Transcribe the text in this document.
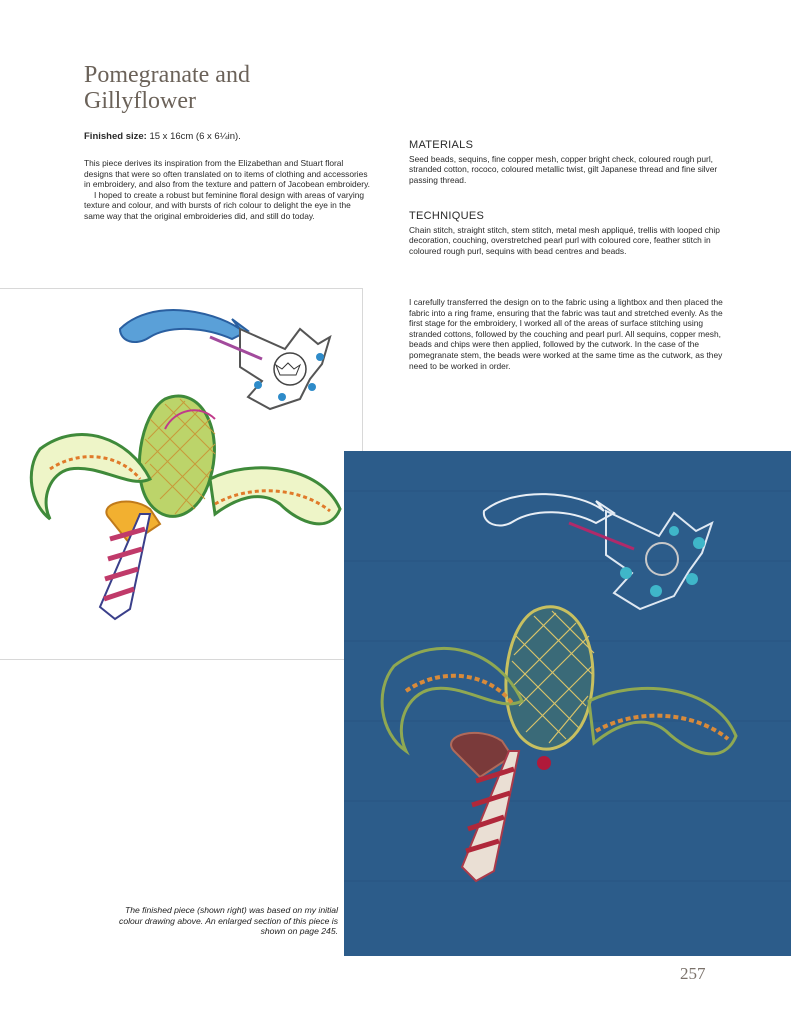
Pomegranate and
Gillyflower
Finished size: 15 x 16cm (6 x 6¼in).

This piece derives its inspiration from the Elizabethan and Stuart floral designs that were so often translated on to items of clothing and accessories in embroidery, and also from the texture and pattern of Jacobean embroidery.

I hoped to create a robust but feminine floral design with areas of varying texture and colour, and with bursts of rich colour to delight the eye in the same way that the original embroideries did, and still do today.

MATERIALS

Seed beads, sequins, fine copper mesh, copper bright check, coloured rough purl, stranded cotton, rococo, coloured metallic twist, gilt Japanese thread and fine silver passing thread.

TECHNIQUES

Chain stitch, straight stitch, stem stitch, metal mesh appliqué, trellis with looped chip decoration, couching, overstretched pearl purl with coloured core, feather stitch in coloured rough purl, sequins with bead centres and beads.

I carefully transferred the design on to the fabric using a lightbox and then placed the fabric into a ring frame, ensuring that the fabric was taut and stretched evenly. As the first stage for the embroidery, I worked all of the areas of surface stitching using stranded cottons, followed by the couching and pearl purl. All sequins, copper mesh, beads and chips were then applied, followed by the cutwork. In the case of the pomegranate stem, the beads were worked at the same time as the cutwork, as they need to be worked in order.

The finished piece (shown right) was based on my initial colour drawing above. An enlarged section of this piece is shown on page 245.
257
